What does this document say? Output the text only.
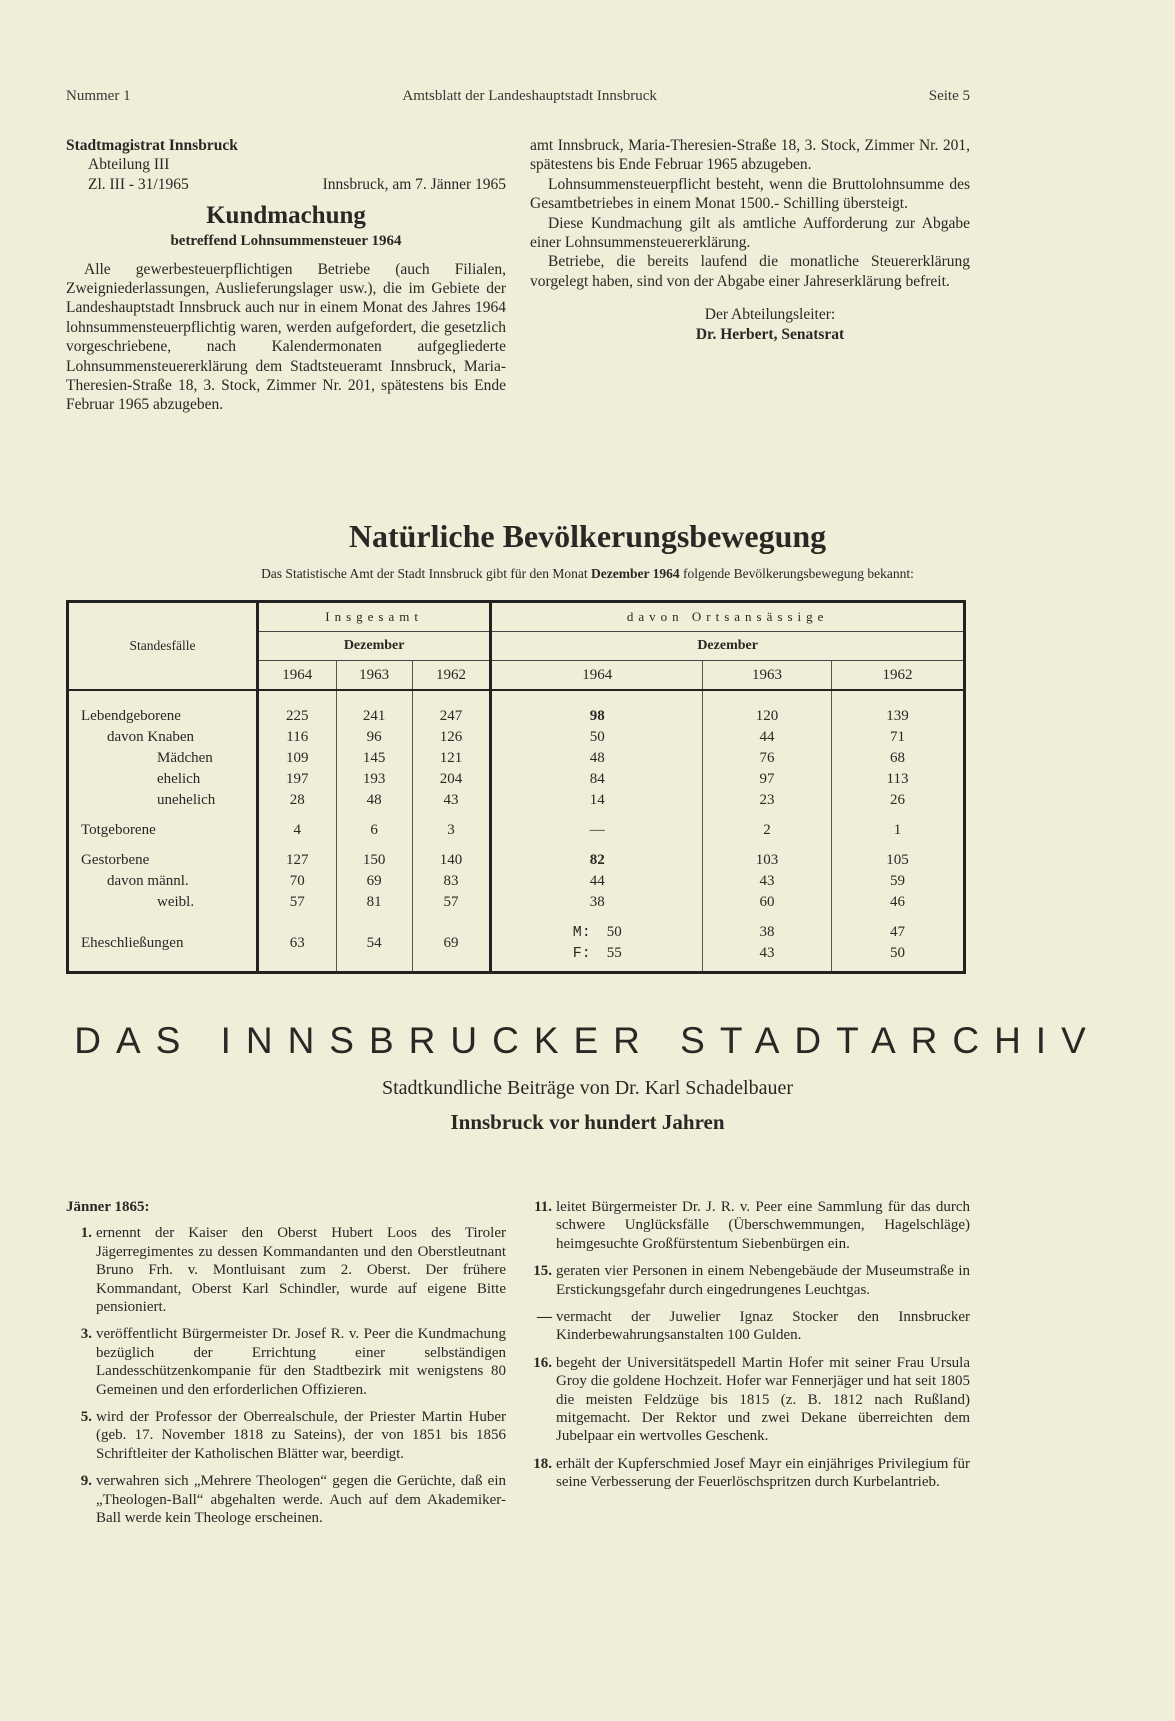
Nummer 1	Amtsblatt der Landeshauptstadt Innsbruck	Seite 5
Stadtmagistrat Innsbruck
Abteilung III
Zl. III - 31/1965	Innsbruck, am 7. Jänner 1965
Kundmachung
betreffend Lohnsummensteuer 1964

Alle gewerbesteuerpflichtigen Betriebe (auch Filialen, Zweigniederlassungen, Auslieferungslager usw.), die im Gebiete der Landeshauptstadt Innsbruck auch nur in einem Monat des Jahres 1964 lohnsummensteuerpflichtig waren, werden aufgefordert, die gesetzlich vorgeschriebene, nach Kalendermonaten aufgegliederte Lohnsummensteuererklärung dem Stadtsteueramt Innsbruck, Maria-Theresien-Straße 18, 3. Stock, Zimmer Nr. 201, spätestens bis Ende Februar 1965 abzugeben.

amt Innsbruck, Maria-Theresien-Straße 18, 3. Stock, Zimmer Nr. 201, spätestens bis Ende Februar 1965 abzugeben.

Lohnsummensteuerpflicht besteht, wenn die Bruttolohnsumme des Gesamtbetriebes in einem Monat 1500.- Schilling übersteigt.

Diese Kundmachung gilt als amtliche Aufforderung zur Abgabe einer Lohnsummensteuererklärung.

Betriebe, die bereits laufend die monatliche Steuererklärung vorgelegt haben, sind von der Abgabe einer Jahreserklärung befreit.

Der Abteilungsleiter:
Dr. Herbert, Senatsrat
Natürliche Bevölkerungsbewegung
Das Statistische Amt der Stadt Innsbruck gibt für den Monat Dezember 1964 folgende Bevölkerungsbewegung bekannt:
Standesfälle	Insgesamt			davon Ortsansässige		
	Dezember			Dezember		
	1964	1963	1962	1964	1963	1962

Lebendgeborene	225	241	247	98	120	139
davon Knaben	116	96	126	50	44	71
Mädchen	109	145	121	48	76	68
ehelich	197	193	204	84	97	113
unehelich	28	48	43	14	23	26

Totgeborene	4	6	3	—	2	1

Gestorbene	127	150	140	82	103	105
davon männl.	70	69	83	44	43	59
weibl.	57	81	57	38	60	46

Eheschließungen	63	54	69	M: 50	38	47
				F: 55	43	50

DAS INNSBRUCKER STADTARCHIV
Stadtkundliche Beiträge von Dr. Karl Schadelbauer
Innsbruck vor hundert Jahren
Jänner 1865:
1. ernennt der Kaiser den Oberst Hubert Loos des Tiroler Jägerregimentes zu dessen Kommandanten und den Oberstleutnant Bruno Frh. v. Montluisant zum 2. Oberst. Der frühere Kommandant, Oberst Karl Schindler, wurde auf eigene Bitte pensioniert.
3. veröffentlicht Bürgermeister Dr. Josef R. v. Peer die Kundmachung bezüglich der Errichtung einer selbständigen Landesschützenkompanie für den Stadtbezirk mit wenigstens 80 Gemeinen und den erforderlichen Offizieren.
5. wird der Professor der Oberrealschule, der Priester Martin Huber (geb. 17. November 1818 zu Sateins), der von 1851 bis 1856 Schriftleiter der Katholischen Blätter war, beerdigt.
9. verwahren sich „Mehrere Theologen“ gegen die Gerüchte, daß ein „Theologen-Ball“ abgehalten werde. Auch auf dem Akademiker-Ball werde kein Theologe erscheinen.
11. leitet Bürgermeister Dr. J. R. v. Peer eine Sammlung für das durch schwere Unglücksfälle (Überschwemmungen, Hagelschläge) heimgesuchte Großfürstentum Siebenbürgen ein.
15. geraten vier Personen in einem Nebengebäude der Museumstraße in Erstickungsgefahr durch eingedrungenes Leuchtgas.
— vermacht der Juwelier Ignaz Stocker den Innsbrucker Kinderbewahrungsanstalten 100 Gulden.
16. begeht der Universitätspedell Martin Hofer mit seiner Frau Ursula Groy die goldene Hochzeit. Hofer war Fennerjäger und hat seit 1805 die meisten Feldzüge bis 1815 (z. B. 1812 nach Rußland) mitgemacht. Der Rektor und zwei Dekane überreichten dem Jubelpaar ein wertvolles Geschenk.
18. erhält der Kupferschmied Josef Mayr ein einjähriges Privilegium für seine Verbesserung der Feuerlöschspritzen durch Kurbelantrieb.
